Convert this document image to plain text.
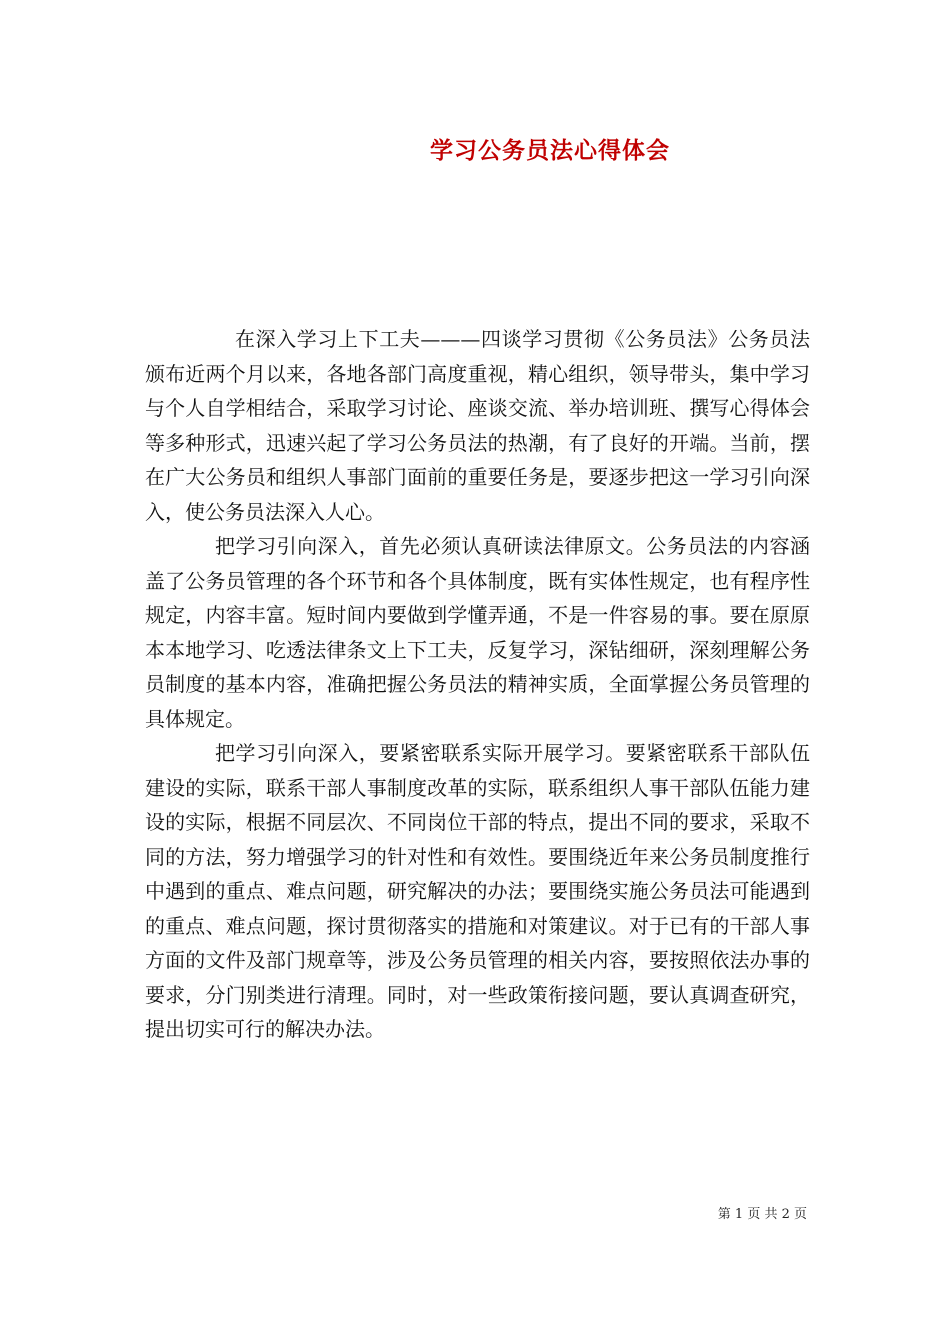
学习公务员法心得体会

在深入学习上下工夫———四谈学习贯彻《公务员法》公务员法颁布近两个月以来，各地各部门高度重视，精心组织，领导带头，集中学习与个人自学相结合，采取学习讨论、座谈交流、举办培训班、撰写心得体会等多种形式，迅速兴起了学习公务员法的热潮，有了良好的开端。当前，摆在广大公务员和组织人事部门面前的重要任务是，要逐步把这一学习引向深入，使公务员法深入人心。

把学习引向深入，首先必须认真研读法律原文。公务员法的内容涵盖了公务员管理的各个环节和各个具体制度，既有实体性规定，也有程序性规定，内容丰富。短时间内要做到学懂弄通，不是一件容易的事。要在原原本本地学习、吃透法律条文上下工夫，反复学习，深钻细研，深刻理解公务员制度的基本内容，准确把握公务员法的精神实质，全面掌握公务员管理的具体规定。

把学习引向深入，要紧密联系实际开展学习。要紧密联系干部队伍建设的实际，联系干部人事制度改革的实际，联系组织人事干部队伍能力建设的实际，根据不同层次、不同岗位干部的特点，提出不同的要求，采取不同的方法，努力增强学习的针对性和有效性。要围绕近年来公务员制度推行中遇到的重点、难点问题，研究解决的办法；要围绕实施公务员法可能遇到的重点、难点问题，探讨贯彻落实的措施和对策建议。对于已有的干部人事方面的文件及部门规章等，涉及公务员管理的相关内容，要按照依法办事的要求，分门别类进行清理。同时，对一些政策衔接问题，要认真调查研究，提出切实可行的解决办法。

第 1 页 共 2 页
